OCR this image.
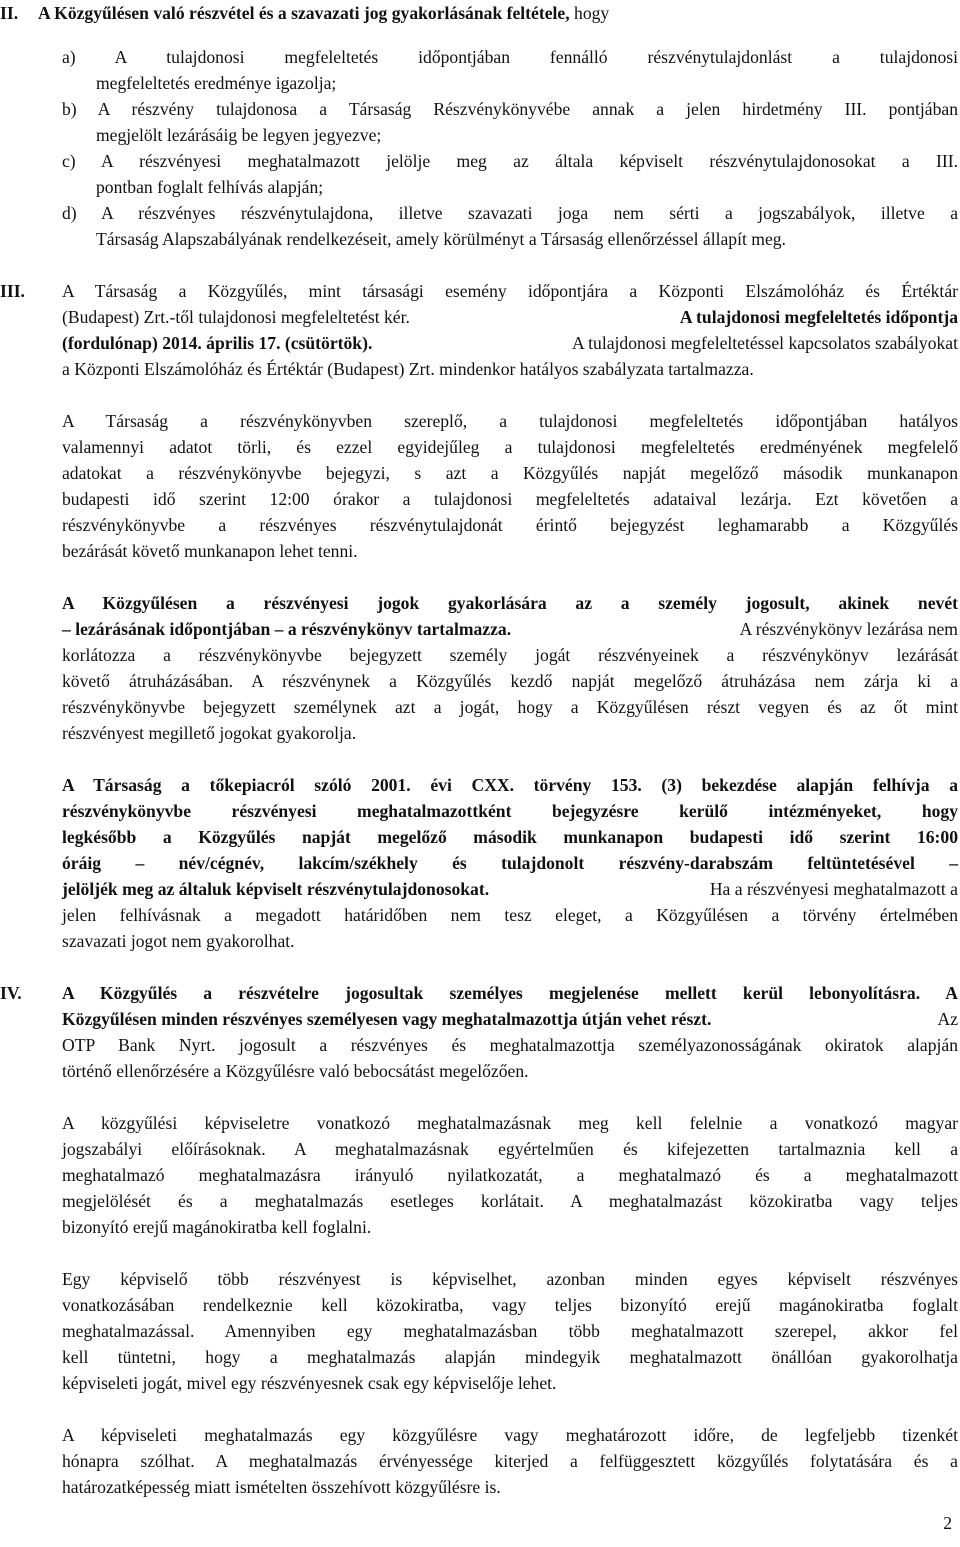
II. A Közgyűlésen való részvétel és a szavazati jog gyakorlásának feltétele, hogy
a) A tulajdonosi megfeleltetés időpontjában fennálló részvénytulajdonlást a tulajdonosi
megfeleltetés eredménye igazolja;
b) A részvény tulajdonosa a Társaság Részvénykönyvébe annak a jelen hirdetmény III. pontjában
megjelölt lezárásáig be legyen jegyezve;
c) A részvényesi meghatalmazott jelölje meg az általa képviselt részvénytulajdonosokat a III.
pontban foglalt felhívás alapján;
d) A részvényes részvénytulajdona, illetve szavazati joga nem sérti a jogszabályok, illetve a
Társaság Alapszabályának rendelkezéseit, amely körülményt a Társaság ellenőrzéssel állapít meg.
III. A Társaság a Közgyűlés, mint társasági esemény időpontjára a Központi Elszámolóház és Értéktár
(Budapest) Zrt.-től tulajdonosi megfeleltetést kér.	A tulajdonosi megfeleltetés időpontja
(fordulónap) 2014. április 17. (csütörtök).	A tulajdonosi megfeleltetéssel kapcsolatos szabályokat
a Központi Elszámolóház és Értéktár (Budapest) Zrt. mindenkor hatályos szabályzata tartalmazza.
A Társaság a részvénykönyvben szereplő, a tulajdonosi megfeleltetés időpontjában hatályos
valamennyi adatot törli, és ezzel egyidejűleg a tulajdonosi megfeleltetés eredményének megfelelő
adatokat a részvénykönyvbe bejegyzi, s azt a Közgyűlés napját megelőző második munkanapon
budapesti idő szerint 12:00 órakor a tulajdonosi megfeleltetés adataival lezárja. Ezt követően a
részvénykönyvbe a részvényes részvénytulajdonát érintő bejegyzést leghamarabb a Közgyűlés
bezárását követő munkanapon lehet tenni.
A Közgyűlésen a részvényesi jogok gyakorlására az a személy jogosult, akinek nevét
– lezárásának időpontjában – a részvénykönyv tartalmazza.	A részvénykönyv lezárása nem
korlátozza a részvénykönyvbe bejegyzett személy jogát részvényeinek a részvénykönyv lezárását
követő átruházásában. A részvénynek a Közgyűlés kezdő napját megelőző átruházása nem zárja ki a
részvénykönyvbe bejegyzett személynek azt a jogát, hogy a Közgyűlésen részt vegyen és az őt mint
részvényest megillető jogokat gyakorolja.
A Társaság a tőkepiacról szóló 2001. évi CXX. törvény 153. (3) bekezdése alapján felhívja a
részvénykönyvbe részvényesi meghatalmazottként bejegyzésre kerülő intézményeket, hogy
legkésőbb a Közgyűlés napját megelőző második munkanapon budapesti idő szerint 16:00
óráig – név/cégnév, lakcím/székhely és tulajdonolt részvény-darabszám feltüntetésével –
jelöljék meg az általuk képviselt részvénytulajdonosokat.	Ha a részvényesi meghatalmazott a
jelen felhívásnak a megadott határidőben nem tesz eleget, a Közgyűlésen a törvény értelmében
szavazati jogot nem gyakorolhat.
IV. A Közgyűlés a részvételre jogosultak személyes megjelenése mellett kerül lebonyolításra. A
Közgyűlésen minden részvényes személyesen vagy meghatalmazottja útján vehet részt.	Az
OTP Bank Nyrt. jogosult a részvényes és meghatalmazottja személyazonosságának okiratok alapján
történő ellenőrzésére a Közgyűlésre való bebocsátást megelőzően.
A közgyűlési képviseletre vonatkozó meghatalmazásnak meg kell felelnie a vonatkozó magyar
jogszabályi előírásoknak. A meghatalmazásnak egyértelműen és kifejezetten tartalmaznia kell a
meghatalmazó meghatalmazásra irányuló nyilatkozatát, a meghatalmazó és a meghatalmazott
megjelölését és a meghatalmazás esetleges korlátait. A meghatalmazást közokiratba vagy teljes
bizonyító erejű magánokiratba kell foglalni.
Egy képviselő több részvényest is képviselhet, azonban minden egyes képviselt részvényes
vonatkozásában rendelkeznie kell közokiratba, vagy teljes bizonyító erejű magánokiratba foglalt
meghatalmazással. Amennyiben egy meghatalmazásban több meghatalmazott szerepel, akkor fel
kell tüntetni, hogy a meghatalmazás alapján mindegyik meghatalmazott önállóan gyakorolhatja
képviseleti jogát, mivel egy részvényesnek csak egy képviselője lehet.
A képviseleti meghatalmazás egy közgyűlésre vagy meghatározott időre, de legfeljebb tizenkét
hónapra szólhat. A meghatalmazás érvényessége kiterjed a felfüggesztett közgyűlés folytatására és a
határozatképesség miatt ismételten összehívott közgyűlésre is.
2
